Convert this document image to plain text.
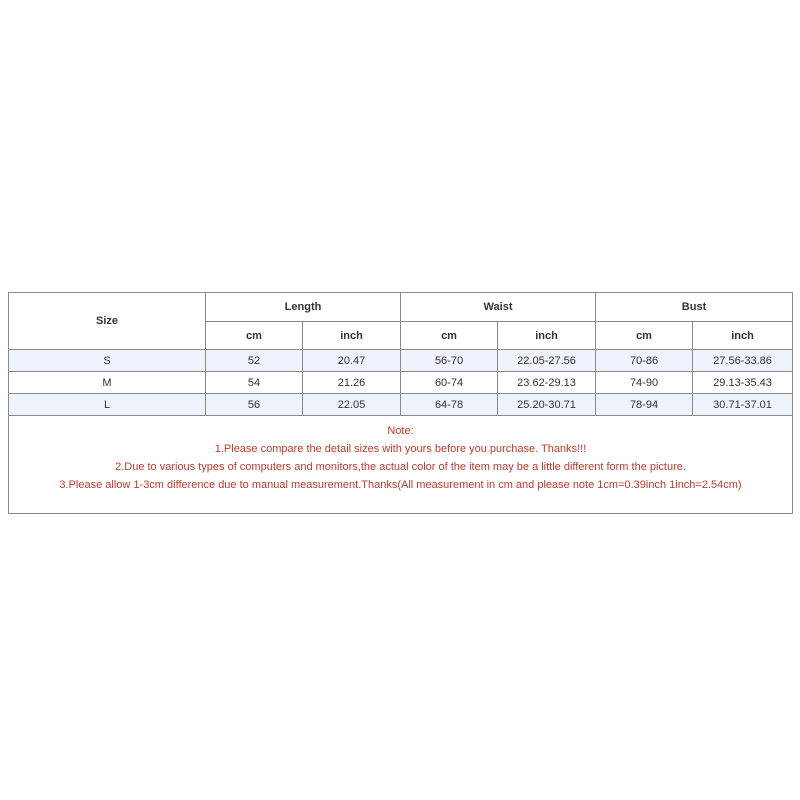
Size	Length		Waist		Bust	
	cm	inch	cm	inch	cm	inch
S	52	20.47	56-70	22.05-27.56	70-86	27.56-33.86
M	54	21.26	60-74	23.62-29.13	74-90	29.13-35.43
L	56	22.05	64-78	25.20-30.71	78-94	30.71-37.01

Note:
1.Please compare the detail sizes with yours before you purchase. Thanks!!!
2.Due to various types of computers and monitors,the actual color of the item may be a little different form the picture.
3.Please allow 1-3cm difference due to manual measurement.Thanks(All measurement in cm and please note 1cm=0.39inch 1inch=2.54cm)						
